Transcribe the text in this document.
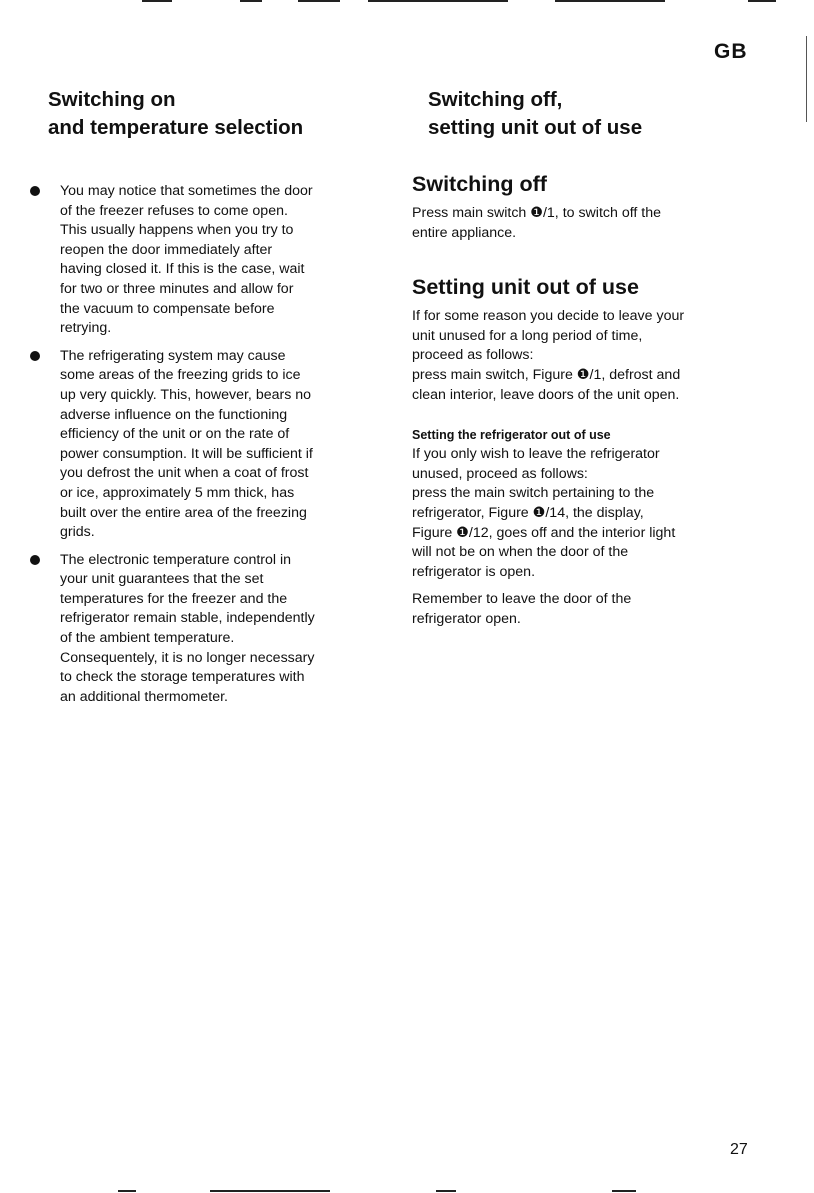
GB
Switching on
and temperature selection
You may notice that sometimes the door
of the freezer refuses to come open.
This usually happens when you try to
reopen the door immediately after
having closed it. If this is the case, wait
for two or three minutes and allow for
the vacuum to compensate before
retrying.
The refrigerating system may cause
some areas of the freezing grids to ice
up very quickly. This, however, bears no
adverse influence on the functioning
efficiency of the unit or on the rate of
power consumption. It will be sufficient if
you defrost the unit when a coat of frost
or ice, approximately 5 mm thick, has
built over the entire area of the freezing
grids.
The electronic temperature control in
your unit guarantees that the set
temperatures for the freezer and the
refrigerator remain stable, independently
of the ambient temperature.
Consequentely, it is no longer necessary
to check the storage temperatures with
an additional thermometer.
Switching off,
setting unit out of use
Switching off
Press main switch ❶/1, to switch off the
entire appliance.
Setting unit out of use
If for some reason you decide to leave your
unit unused for a long period of time,
proceed as follows:
press main switch, Figure ❶/1, defrost and
clean interior, leave doors of the unit open.
Setting the refrigerator out of use
If you only wish to leave the refrigerator
unused, proceed as follows:
press the main switch pertaining to the
refrigerator, Figure ❶/14, the display,
Figure ❶/12, goes off and the interior light
will not be on when the door of the
refrigerator is open.
Remember to leave the door of the
refrigerator open.
27
